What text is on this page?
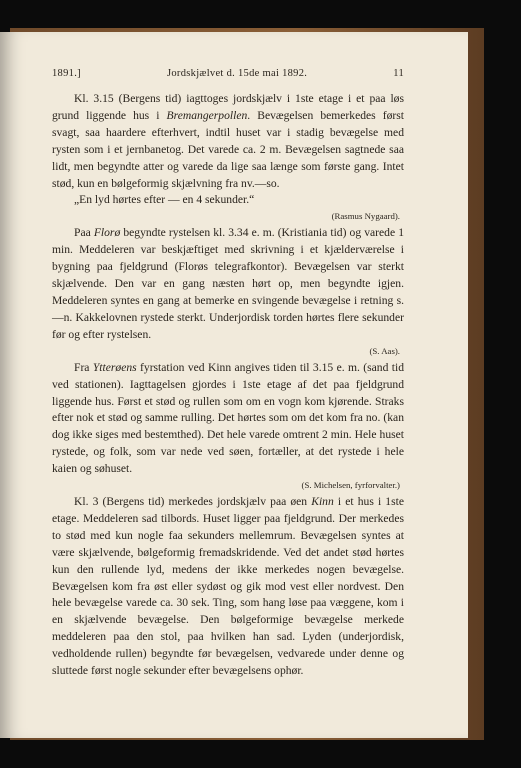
1891.]	Jordskjælvet d. 15de mai 1892.	11

Kl. 3.15 (Bergens tid) iagttoges jordskjælv i 1ste etage i et paa løs grund liggende hus i Bremangerpollen. Bevægelsen bemerkedes først svagt, saa haardere efterhvert, indtil huset var i stadig bevægelse med rysten som i et jernbanetog. Det varede ca. 2 m. Bevægelsen sagtnede saa lidt, men begyndte atter og varede da lige saa længe som første gang. Intet stød, kun en bølgeformig skjælvning fra nv.—so.

„En lyd hørtes efter — en 4 sekunder.“

(Rasmus Nygaard).

Paa Florø begyndte rystelsen kl. 3.34 e. m. (Kristiania tid) og varede 1 min. Meddeleren var beskjæftiget med skrivning i et kjælderværelse i bygning paa fjeldgrund (Florøs telegrafkontor). Bevægelsen var sterkt skjælvende. Den var en gang næsten hørt op, men begyndte igjen. Meddeleren syntes en gang at bemerke en svingende bevægelse i retning s.—n. Kakkelovnen rystede sterkt. Underjordisk torden hørtes flere sekunder før og efter rystelsen.

(S. Aas).

Fra Ytterøens fyrstation ved Kinn angives tiden til 3.15 e. m. (sand tid ved stationen). Iagttagelsen gjordes i 1ste etage af det paa fjeldgrund liggende hus. Først et stød og rullen som om en vogn kom kjørende. Straks efter nok et stød og samme rulling. Det hørtes som om det kom fra no. (kan dog ikke siges med bestemthed). Det hele varede omtrent 2 min. Hele huset rystede, og folk, som var nede ved søen, fortæller, at det rystede i hele kaien og søhuset.

(S. Michelsen, fyrforvalter.)

Kl. 3 (Bergens tid) merkedes jordskjælv paa øen Kinn i et hus i 1ste etage. Meddeleren sad tilbords. Huset ligger paa fjeldgrund. Der merkedes to stød med kun nogle faa sekunders mellemrum. Bevægelsen syntes at være skjælvende, bølgeformig fremadskridende. Ved det andet stød hørtes kun den rullende lyd, medens der ikke merkedes nogen bevægelse. Bevægelsen kom fra øst eller sydøst og gik mod vest eller nordvest. Den hele bevægelse varede ca. 30 sek. Ting, som hang løse paa væggene, kom i en skjælvende bevægelse. Den bølgeformige bevægelse merkede meddeleren paa den stol, paa hvilken han sad. Lyden (underjordisk, vedholdende rullen) begyndte før bevægelsen, vedvarede under denne og sluttede først nogle sekunder efter bevægelsens ophør.
